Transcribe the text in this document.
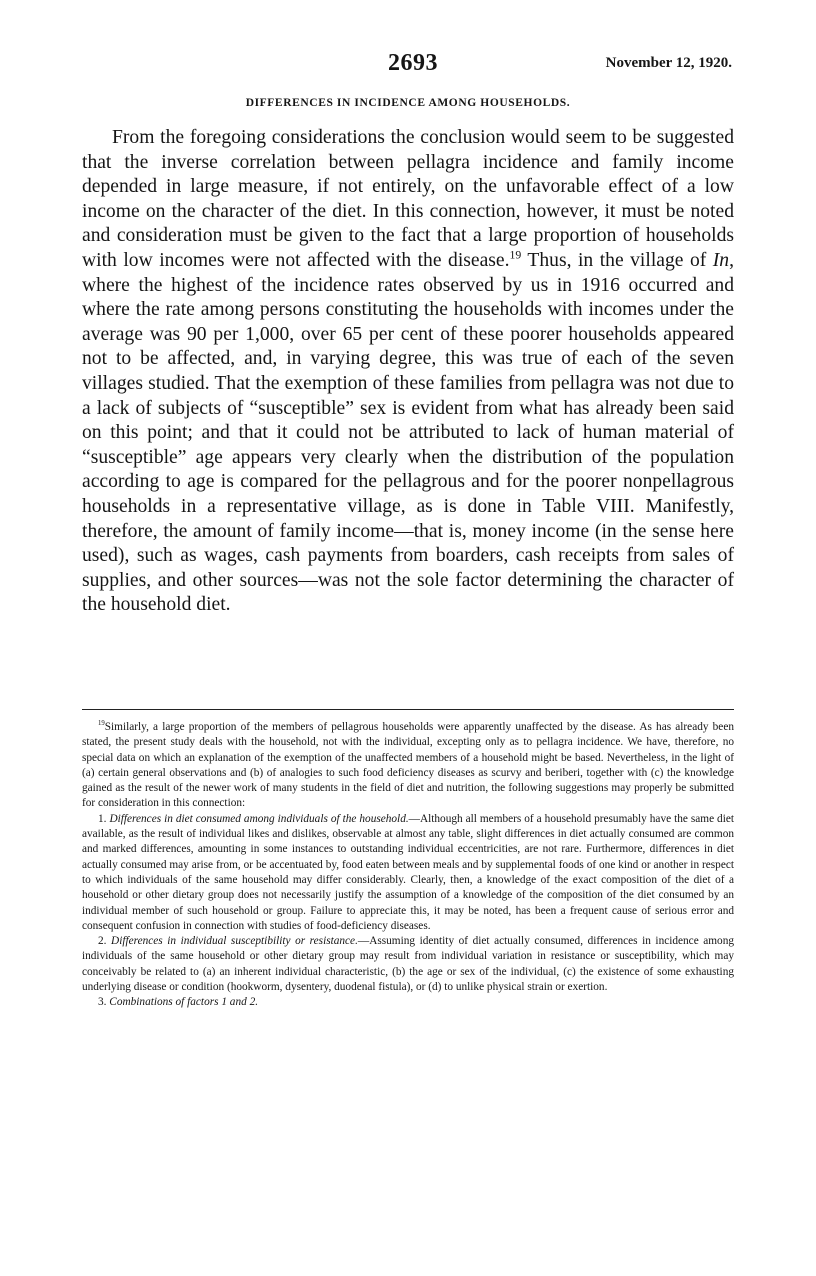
2693	November 12, 1920.
DIFFERENCES IN INCIDENCE AMONG HOUSEHOLDS.

From the foregoing considerations the conclusion would seem to be suggested that the inverse correlation between pellagra incidence and family income depended in large measure, if not entirely, on the unfavorable effect of a low income on the character of the diet. In this connection, however, it must be noted and consideration must be given to the fact that a large proportion of households with low incomes were not affected with the disease.$^{19}$ Thus, in the village of In, where the highest of the incidence rates observed by us in 1916 occurred and where the rate among persons constituting the households with incomes under the average was 90 per 1,000, over 65 per cent of these poorer households appeared not to be affected, and, in varying degree, this was true of each of the seven villages studied. That the exemption of these families from pellagra was not due to a lack of subjects of “susceptible” sex is evident from what has already been said on this point; and that it could not be attributed to lack of human material of “susceptible” age appears very clearly when the distribution of the population according to age is compared for the pellagrous and for the poorer nonpellagrous households in a representative village, as is done in Table VIII. Manifestly, therefore, the amount of family income—that is, money income (in the sense here used), such as wages, cash payments from boarders, cash receipts from sales of supplies, and other sources—was not the sole factor determining the character of the household diet.

$^{19}$Similarly, a large proportion of the members of pellagrous households were apparently unaffected by the disease. As has already been stated, the present study deals with the household, not with the individual, excepting only as to pellagra incidence. We have, therefore, no special data on which an explanation of the exemption of the unaffected members of a household might be based. Nevertheless, in the light of (a) certain general observations and (b) of analogies to such food deficiency diseases as scurvy and beriberi, together with (c) the knowledge gained as the result of the newer work of many students in the field of diet and nutrition, the following suggestions may properly be submitted for consideration in this connection:

1. Differences in diet consumed among individuals of the household.—Although all members of a household presumably have the same diet available, as the result of individual likes and dislikes, observable at almost any table, slight differences in diet actually consumed are common and marked differences, amounting in some instances to outstanding individual eccentricities, are not rare. Furthermore, differences in diet actually consumed may arise from, or be accentuated by, food eaten between meals and by supplemental foods of one kind or another in respect to which individuals of the same household may differ considerably. Clearly, then, a knowledge of the exact composition of the diet of a household or other dietary group does not necessarily justify the assumption of a knowledge of the composition of the diet consumed by an individual member of such household or group. Failure to appreciate this, it may be noted, has been a frequent cause of serious error and consequent confusion in connection with studies of food-deficiency diseases.

2. Differences in individual susceptibility or resistance.—Assuming identity of diet actually consumed, differences in incidence among individuals of the same household or other dietary group may result from individual variation in resistance or susceptibility, which may conceivably be related to (a) an inherent individual characteristic, (b) the age or sex of the individual, (c) the existence of some exhausting underlying disease or condition (hookworm, dysentery, duodenal fistula), or (d) to unlike physical strain or exertion.

3. Combinations of factors 1 and 2.
